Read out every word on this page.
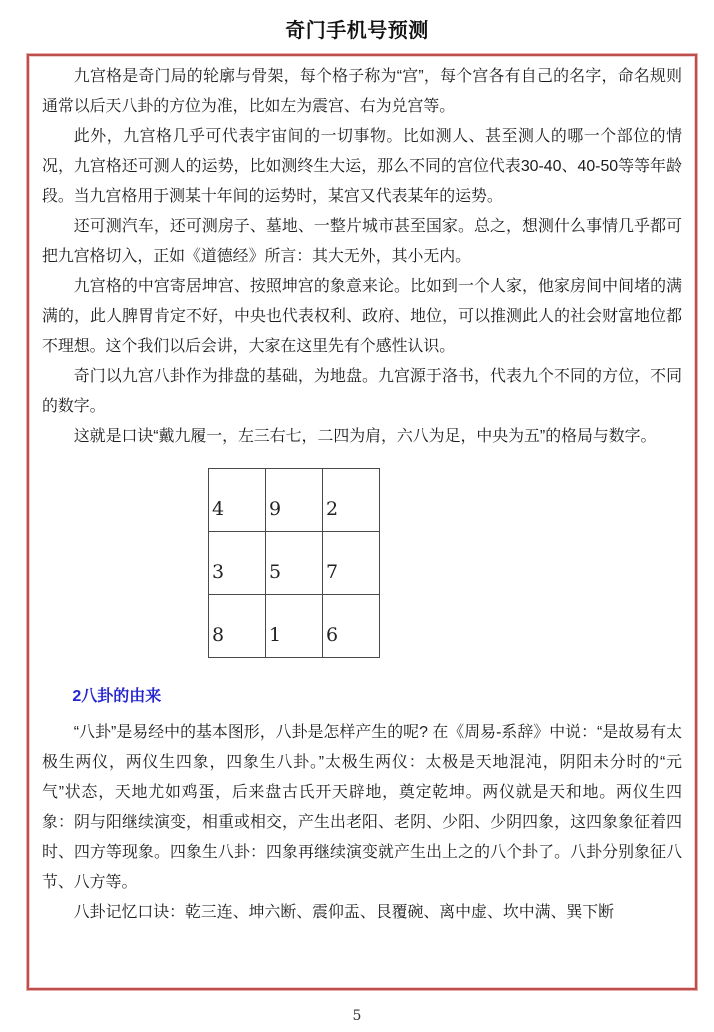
奇门手机号预测

九宫格是奇门局的轮廓与骨架，每个格子称为“宫”，每个宫各有自己的名字，命名规则通常以后天八卦的方位为准，比如左为震宫、右为兑宫等。

此外，九宫格几乎可代表宇宙间的一切事物。比如测人、甚至测人的哪一个部位的情况，九宫格还可测人的运势，比如测终生大运，那么不同的宫位代表30-40、40-50等等年龄段。当九宫格用于测某十年间的运势时，某宫又代表某年的运势。

还可测汽车，还可测房子、墓地、一整片城市甚至国家。总之，想测什么事情几乎都可把九宫格切入，正如《道德经》所言：其大无外，其小无内。

九宫格的中宫寄居坤宫、按照坤宫的象意来论。比如到一个人家，他家房间中间堵的满满的，此人脾胃肯定不好，中央也代表权利、政府、地位，可以推测此人的社会财富地位都不理想。这个我们以后会讲，大家在这里先有个感性认识。

奇门以九宫八卦作为排盘的基础，为地盘。九宫源于洛书，代表九个不同的方位，不同的数字。

这就是口诀“戴九履一，左三右七，二四为肩，六八为足，中央为五”的格局与数字。

4	9	2
3	5	7
8	1	6
2八卦的由来

“八卦”是易经中的基本图形，八卦是怎样产生的呢? 在《周易-系辞》中说：“是故易有太极生两仪，两仪生四象，四象生八卦。”太极生两仪：太极是天地混沌，阴阳未分时的“元气”状态，天地尤如鸡蛋，后来盘古氏开天辟地，奠定乾坤。两仪就是天和地。两仪生四象：阴与阳继续演变，相重或相交，产生出老阳、老阴、少阳、少阴四象，这四象象征着四时、四方等现象。四象生八卦：四象再继续演变就产生出上之的八个卦了。八卦分别象征八节、八方等。

八卦记忆口诀：乾三连、坤六断、震仰盂、艮覆碗、离中虚、坎中满、巽下断

5
